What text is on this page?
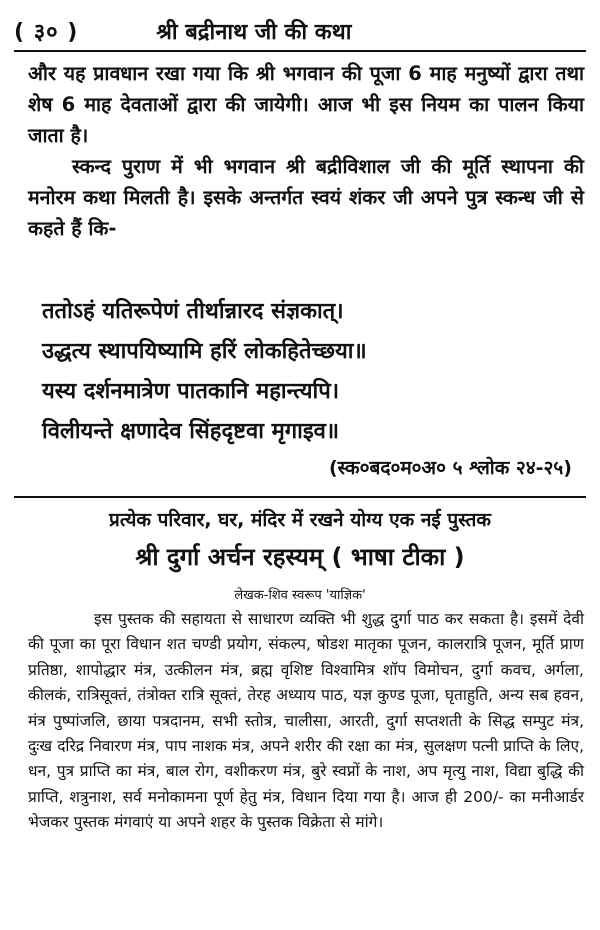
( ३० )	श्री बद्रीनाथ जी की कथा

और यह प्रावधान रखा गया कि श्री भगवान की पूजा 6 माह मनुष्यों द्वारा तथा शेष 6 माह देवताओं द्वारा की जायेगी। आज भी इस नियम का पालन किया जाता है।

स्कन्द पुराण में भी भगवान श्री बद्रीविशाल जी की मूर्ति स्थापना की मनोरम कथा मिलती है। इसके अन्तर्गत स्वयं शंकर जी अपने पुत्र स्कन्ध जी से कहते हैं कि-

ततोऽहं यतिरूपेणं तीर्थान्नारद संज्ञकात्।
उद्धत्य स्थापयिष्यामि हरिं लोकहितेच्छया॥
यस्य दर्शनमात्रेण पातकानि महान्त्यपि।
विलीयन्ते क्षणादेव सिंहदृष्टवा मृगाइव॥
(स्क०बद०म०अ० ५ श्लोक २४-२५)
प्रत्येक परिवार, घर, मंदिर में रखने योग्य एक नई पुस्तक
श्री दुर्गा अर्चन रहस्यम् ( भाषा टीका )
लेखक-शिव स्वरूप 'याज्ञिक'

इस पुस्तक की सहायता से साधारण व्यक्ति भी शुद्ध दुर्गा पाठ कर सकता है। इसमें देवी की पूजा का पूरा विधान शत चण्डी प्रयोग, संकल्प, षोडश मातृका पूजन, कालरात्रि पूजन, मूर्ति प्राण प्रतिष्ठा, शापोद्धार मंत्र, उत्कीलन मंत्र, ब्रह्म वृशिष्ट विश्वामित्र शॉप विमोचन, दुर्गा कवच, अर्गला, कीलकं, रात्रिसूक्तं, तंत्रोक्त रात्रि सूक्तं, तेरह अध्याय पाठ, यज्ञ कुण्ड पूजा, घृताहुति, अन्य सब हवन, मंत्र पुष्पांजलि, छाया पत्रदानम, सभी स्तोत्र, चालीसा, आरती, दुर्गा सप्तशती के सिद्ध सम्पुट मंत्र, दुःख दरिद्र निवारण मंत्र, पाप नाशक मंत्र, अपने शरीर की रक्षा का मंत्र, सुलक्षण पत्नी प्राप्ति के लिए, धन, पुत्र प्राप्ति का मंत्र, बाल रोग, वशीकरण मंत्र, बुरे स्वप्नों के नाश, अप मृत्यु नाश, विद्या बुद्धि की प्राप्ति, शत्रुनाश, सर्व मनोकामना पूर्ण हेतु मंत्र, विधान दिया गया है। आज ही 200/- का मनीआर्डर भेजकर पुस्तक मंगवाएं या अपने शहर के पुस्तक विक्रेता से मांगे।
